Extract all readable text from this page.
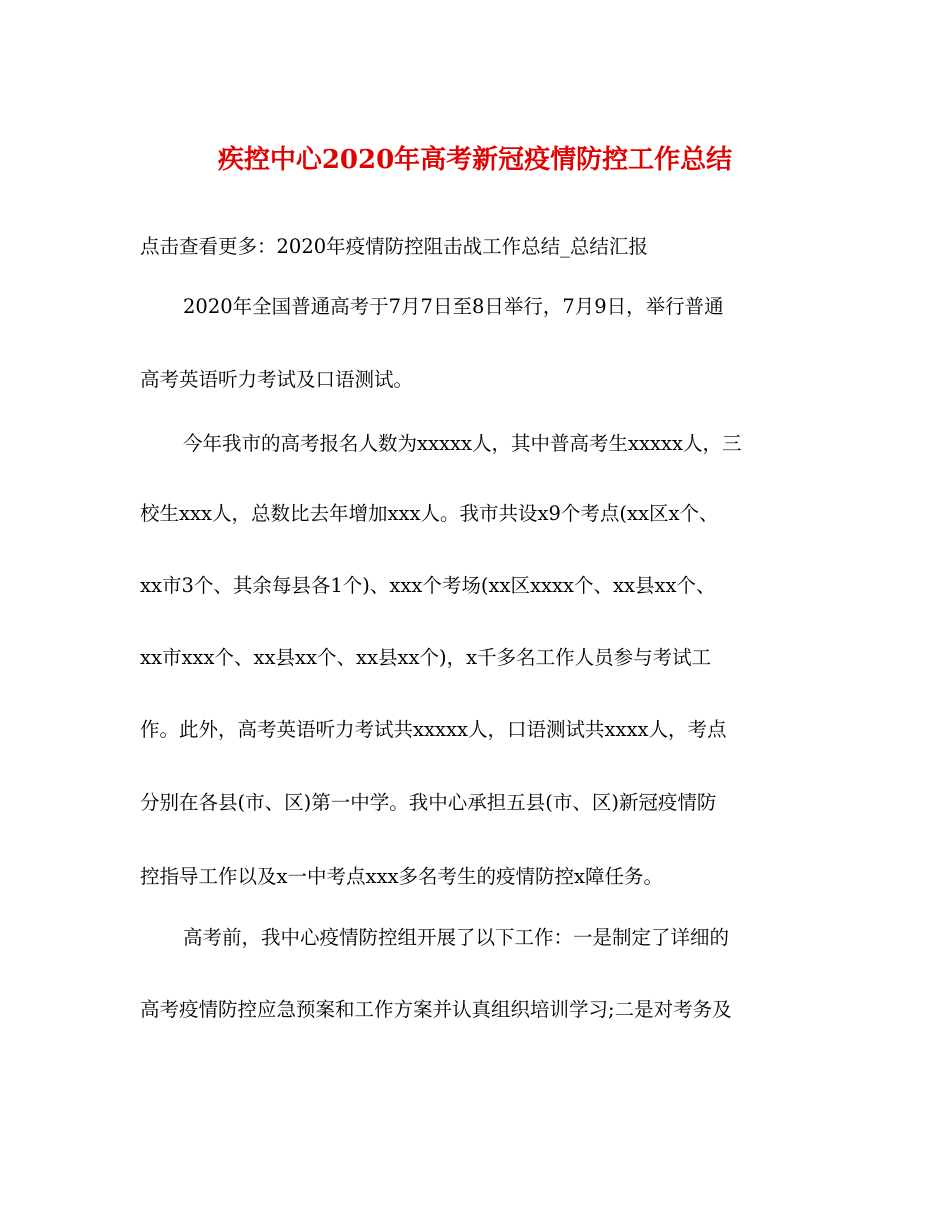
疾控中心2020年高考新冠疫情防控工作总结
点击查看更多：2020年疫情防控阻击战工作总结_总结汇报
2020年全国普通高考于7月7日至8日举行，7月9日，举行普通
高考英语听力考试及口语测试。
今年我市的高考报名人数为xxxxx人，其中普高考生xxxxx人，三
校生xxx人，总数比去年增加xxx人。我市共设x9个考点(xx区x个、
xx市3个、其余每县各1个)、xxx个考场(xx区xxxx个、xx县xx个、
xx市xxx个、xx县xx个、xx县xx个)，x千多名工作人员参与考试工
作。此外，高考英语听力考试共xxxxx人，口语测试共xxxx人，考点
分别在各县(市、区)第一中学。我中心承担五县(市、区)新冠疫情防
控指导工作以及x一中考点xxx多名考生的疫情防控x障任务。
高考前，我中心疫情防控组开展了以下工作：一是制定了详细的
高考疫情防控应急预案和工作方案并认真组织培训学习;二是对考务及
